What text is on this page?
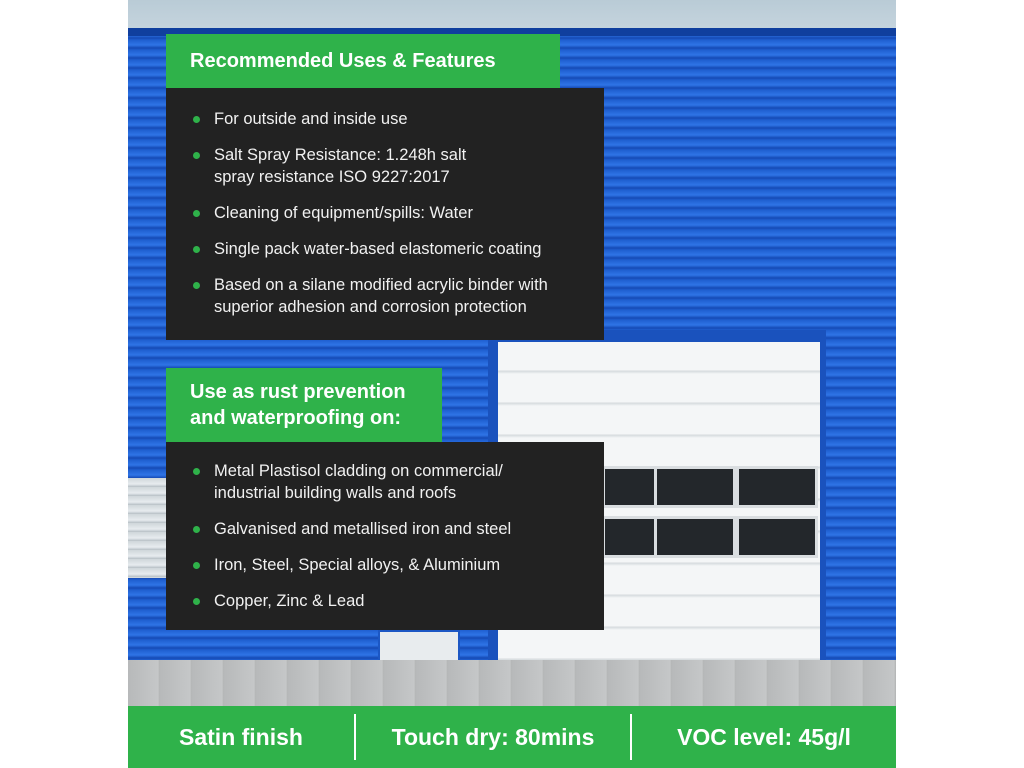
Recommended Uses & Features
For outside and inside use
Salt Spray Resistance: 1.248h salt
spray resistance ISO 9227:2017
Cleaning of equipment/spills: Water
Single pack water-based elastomeric coating
Based on a silane modified acrylic binder with
superior adhesion and corrosion protection
Use as rust prevention
and waterproofing on:
Metal Plastisol cladding on commercial/
industrial building walls and roofs
Galvanised and metallised iron and steel
Iron, Steel, Special alloys, & Aluminium
Copper, Zinc & Lead
Satin finish	Touch dry: 80mins	VOC level: 45g/l
